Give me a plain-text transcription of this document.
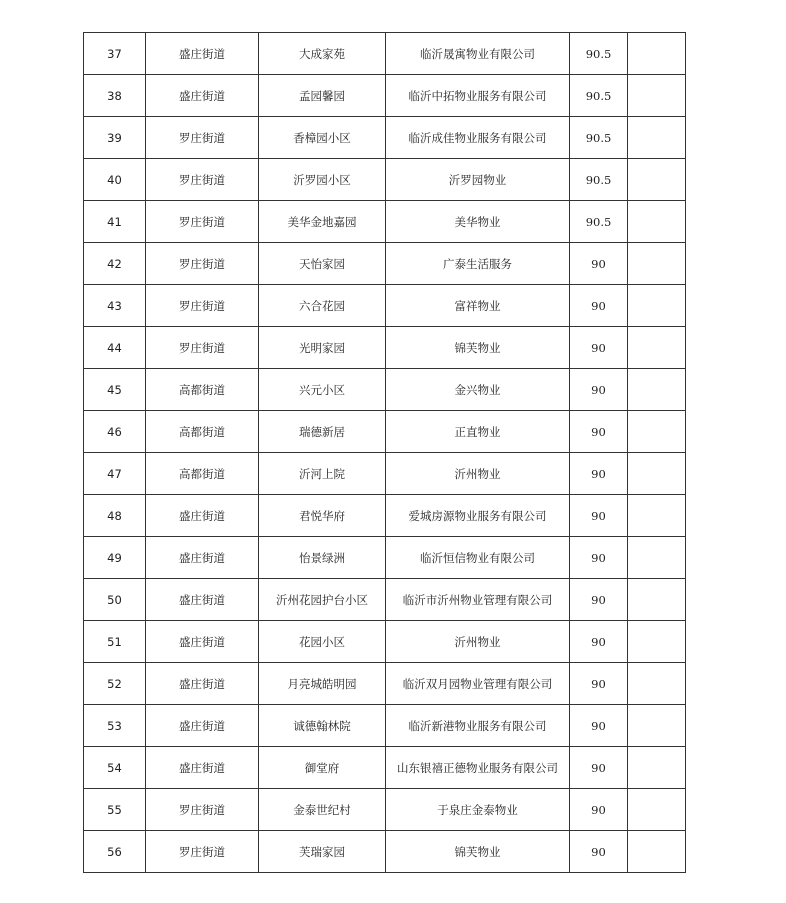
37	盛庄街道	大成家苑	临沂晟寓物业有限公司	90.5	
38	盛庄街道	孟园馨园	临沂中拓物业服务有限公司	90.5	
39	罗庄街道	香樟园小区	临沂成佳物业服务有限公司	90.5	
40	罗庄街道	沂罗园小区	沂罗园物业	90.5	
41	罗庄街道	美华金地嘉园	美华物业	90.5	
42	罗庄街道	天怡家园	广泰生活服务	90	
43	罗庄街道	六合花园	富祥物业	90	
44	罗庄街道	光明家园	锦芙物业	90	
45	高都街道	兴元小区	金兴物业	90	
46	高都街道	瑞德新居	正直物业	90	
47	高都街道	沂河上院	沂州物业	90	
48	盛庄街道	君悦华府	爱城房源物业服务有限公司	90	
49	盛庄街道	怡景绿洲	临沂恒信物业有限公司	90	
50	盛庄街道	沂州花园护台小区	临沂市沂州物业管理有限公司	90	
51	盛庄街道	花园小区	沂州物业	90	
52	盛庄街道	月亮城皓明园	临沂双月园物业管理有限公司	90	
53	盛庄街道	诚德翰林院	临沂新港物业服务有限公司	90	
54	盛庄街道	御堂府	山东银禧正德物业服务有限公司	90	
55	罗庄街道	金泰世纪村	于泉庄金泰物业	90	
56	罗庄街道	芙瑞家园	锦芙物业	90	
